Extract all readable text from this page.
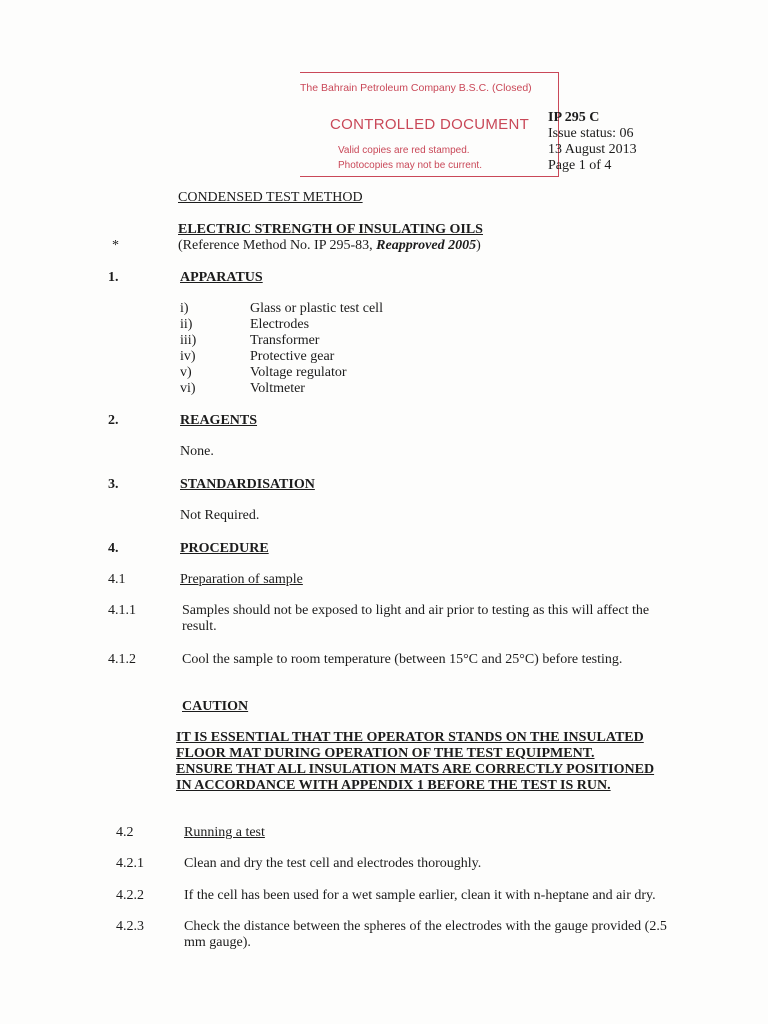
The Bahrain Petroleum Company B.S.C. (Closed)
CONTROLLED DOCUMENT
Valid copies are red stamped.
Photocopies may not be current.
IP 295 C
Issue status: 06
13 August 2013
Page 1 of 4
CONDENSED TEST METHOD
ELECTRIC STRENGTH OF INSULATING OILS
*	(Reference Method No. IP 295-83, Reapproved 2005)
1.	APPARATUS
i)	Glass or plastic test cell
ii)	Electrodes
iii)	Transformer
iv)	Protective gear
v)	Voltage regulator
vi)	Voltmeter
2.	REAGENTS
None.
3.	STANDARDISATION
Not Required.
4.	PROCEDURE
4.1	Preparation of sample
4.1.1	Samples should not be exposed to light and air prior to testing as this will affect the
result.
4.1.2	Cool the sample to room temperature (between 15°C and 25°C) before testing.
CAUTION
IT IS ESSENTIAL THAT THE OPERATOR STANDS ON THE INSULATED
FLOOR MAT DURING OPERATION OF THE TEST EQUIPMENT.
ENSURE THAT ALL INSULATION MATS ARE CORRECTLY POSITIONED
IN ACCORDANCE WITH APPENDIX 1 BEFORE THE TEST IS RUN.
4.2	Running a test
4.2.1	Clean and dry the test cell and electrodes thoroughly.
4.2.2	If the cell has been used for a wet sample earlier, clean it with n-heptane and air dry.
4.2.3	Check the distance between the spheres of the electrodes with the gauge provided (2.5
mm gauge).
